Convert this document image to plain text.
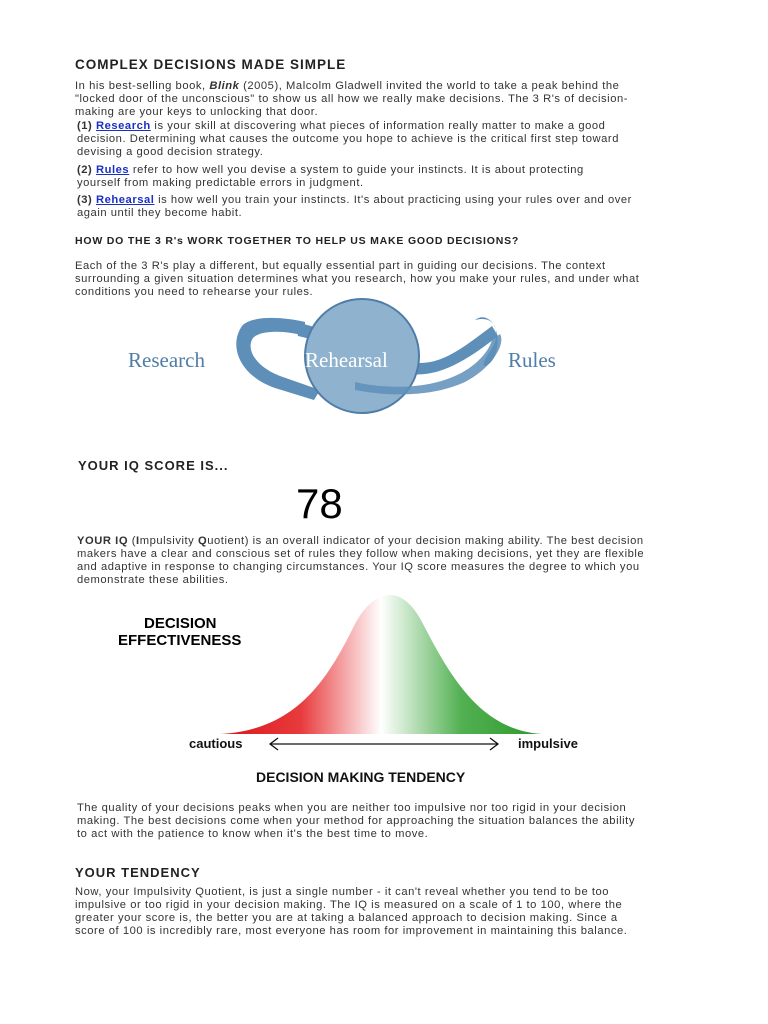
COMPLEX DECISIONS MADE SIMPLE
In his best-selling book, Blink (2005), Malcolm Gladwell invited the world to take a peak behind the "locked door of the unconscious" to show us all how we really make decisions. The 3 R's of decision-making are your keys to unlocking that door.

(1) Research is your skill at discovering what pieces of information really matter to make a good decision. Determining what causes the outcome you hope to achieve is the critical first step toward devising a good decision strategy.

(2) Rules refer to how well you devise a system to guide your instincts. It is about protecting yourself from making predictable errors in judgment.

(3) Rehearsal is how well you train your instincts. It's about practicing using your rules over and over again until they become habit.

HOW DO THE 3 R's WORK TOGETHER TO HELP US MAKE GOOD DECISIONS?
Each of the 3 R's play a different, but equally essential part in guiding our decisions. The context surrounding a given situation determines what you research, how you make your rules, and under what conditions you need to rehearse your rules.
Rehearsal
Research	Rules
YOUR IQ SCORE IS...
78
YOUR IQ (Impulsivity Quotient) is an overall indicator of your decision making ability. The best decision makers have a clear and conscious set of rules they follow when making decisions, yet they are flexible and adaptive in response to changing circumstances. Your IQ score measures the degree to which you demonstrate these abilities.
DECISION
EFFECTIVENESS
cautious	impulsive
DECISION MAKING TENDENCY
The quality of your decisions peaks when you are neither too impulsive nor too rigid in your decision making. The best decisions come when your method for approaching the situation balances the ability to act with the patience to know when it's the best time to move.
YOUR TENDENCY
Now, your Impulsivity Quotient, is just a single number - it can't reveal whether you tend to be too impulsive or too rigid in your decision making. The IQ is measured on a scale of 1 to 100, where the greater your score is, the better you are at taking a balanced approach to decision making. Since a score of 100 is incredibly rare, most everyone has room for improvement in maintaining this balance.
